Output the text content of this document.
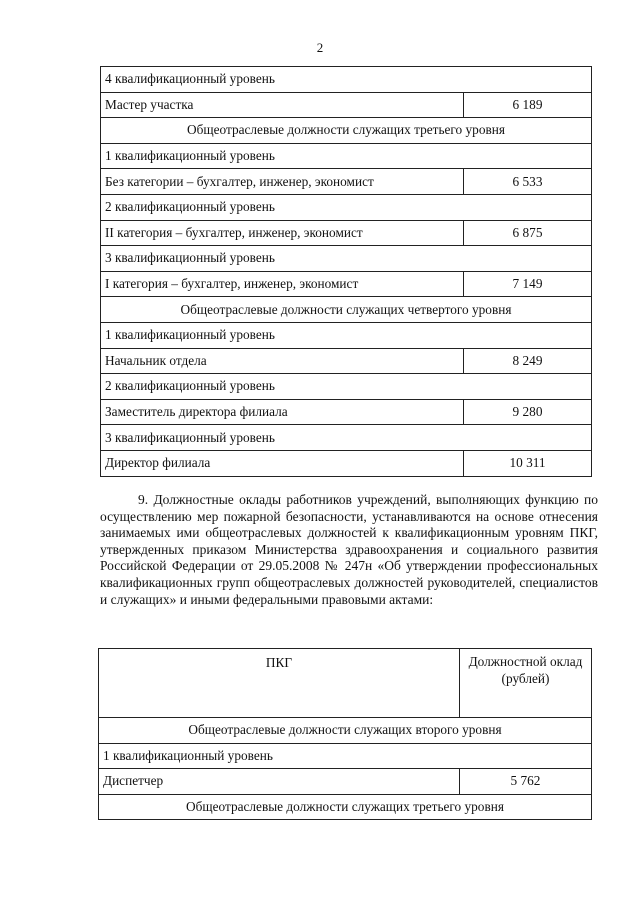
2
4 квалификационный уровень	
Мастер участка	6 189
Общеотраслевые должности служащих третьего уровня	
1 квалификационный уровень	
Без категории – бухгалтер, инженер, экономист	6 533
2 квалификационный уровень	
II категория – бухгалтер, инженер, экономист	6 875
3 квалификационный уровень	
I категория – бухгалтер, инженер, экономист	7 149
Общеотраслевые должности служащих четвертого уровня	
1 квалификационный уровень	
Начальник отдела	8 249
2 квалификационный уровень	
Заместитель директора филиала	9 280
3 квалификационный уровень	
Директор филиала	10 311

9. Должностные оклады работников учреждений, выполняющих функцию по осуществлению мер пожарной безопасности, устанавливаются на основе отнесения занимаемых ими общеотраслевых должностей к квалификационным уровням ПКГ, утвержденных приказом Министерства здравоохранения и социального развития Российской Федерации от 29.05.2008 № 247н «Об утверждении профессиональных квалификационных групп общеотраслевых должностей руководителей, специалистов и служащих» и иными федеральными правовыми актами:

ПКГ	Должностной оклад (рублей)
Общеотраслевые должности служащих второго уровня	
1 квалификационный уровень	
Диспетчер	5 762
Общеотраслевые должности служащих третьего уровня	
